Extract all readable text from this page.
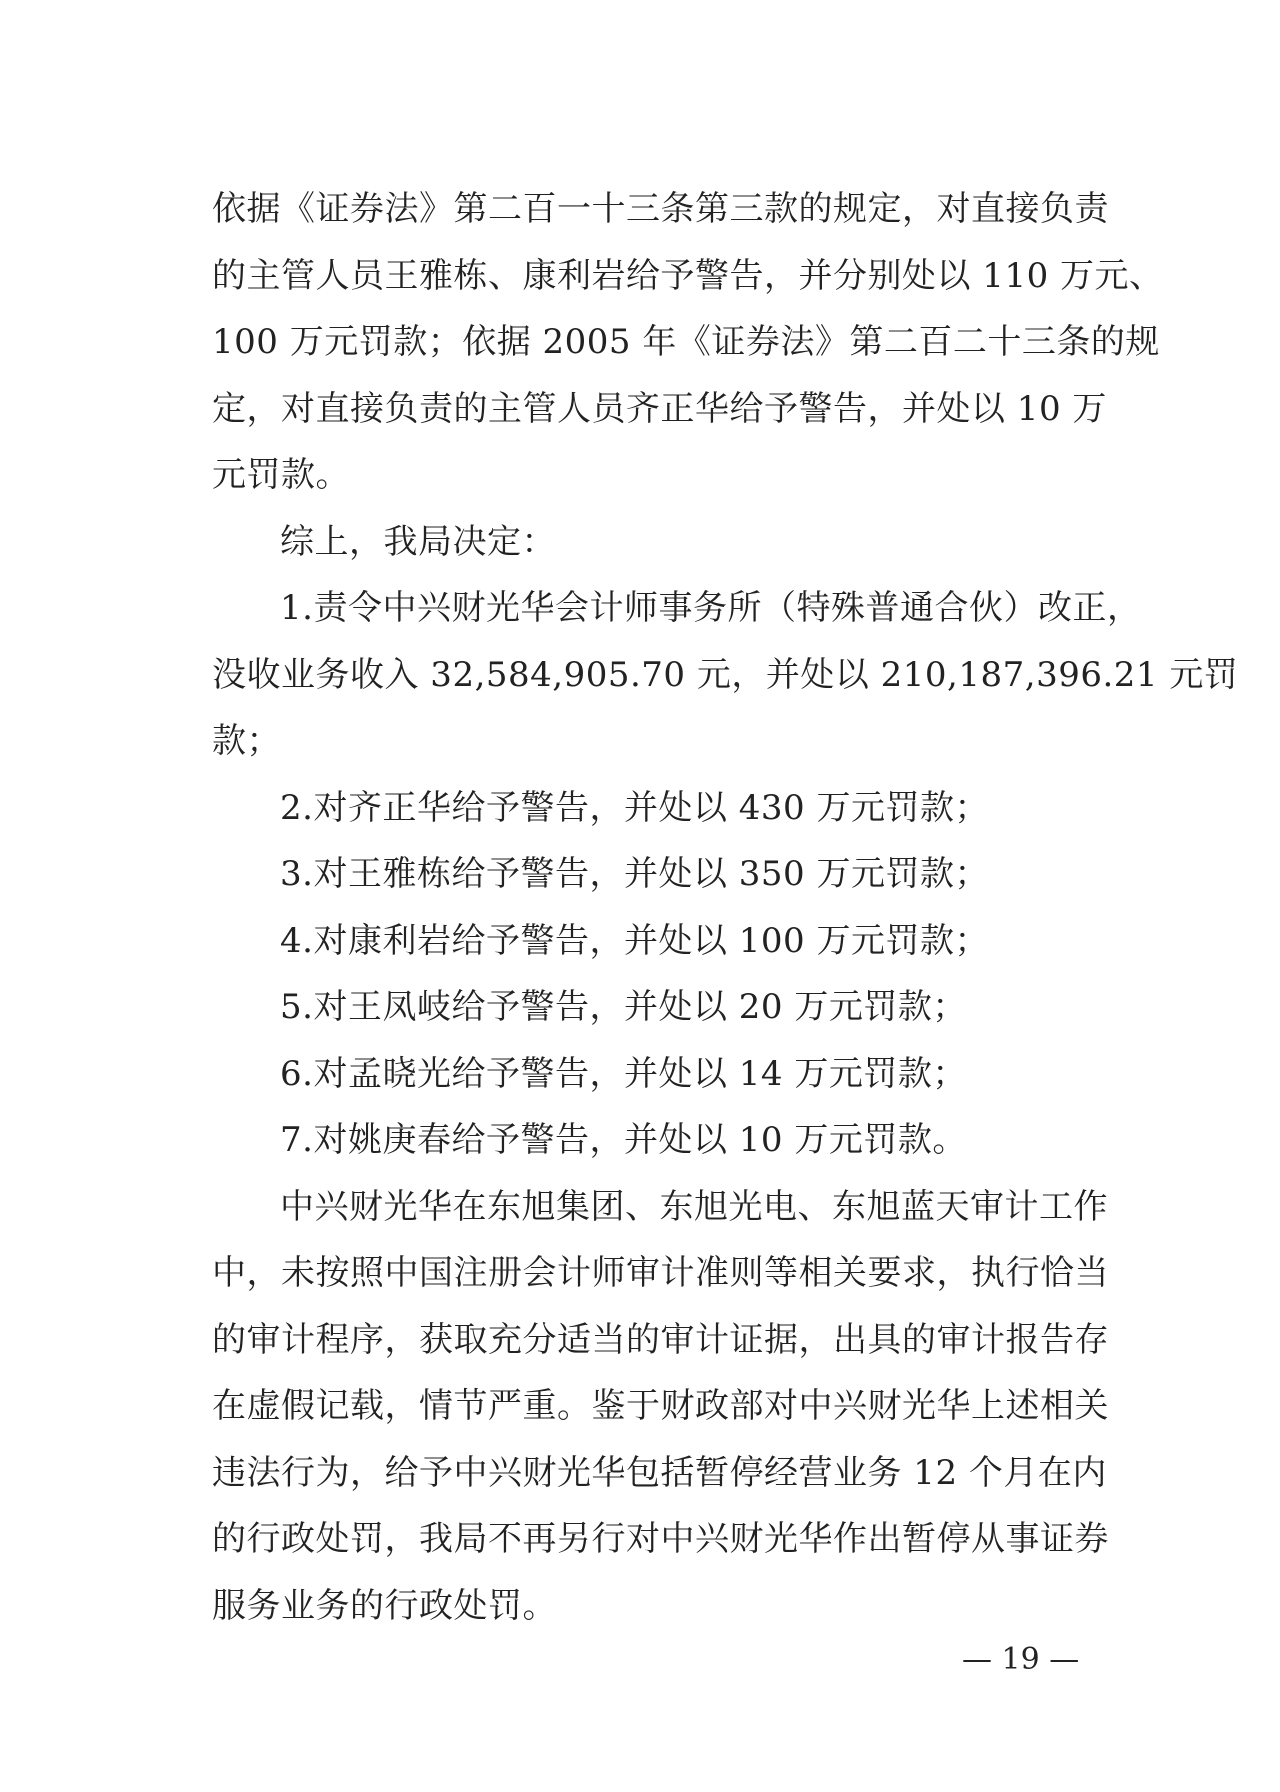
依据《证券法》第二百一十三条第三款的规定，对直接负责
的主管人员王雅栋、康利岩给予警告，并分别处以 110 万元、
100 万元罚款；依据 2005 年《证券法》第二百二十三条的规
定，对直接负责的主管人员齐正华给予警告，并处以 10 万
元罚款。
综上，我局决定：
1.责令中兴财光华会计师事务所（特殊普通合伙）改正，
没收业务收入 32,584,905.70 元，并处以 210,187,396.21 元罚
款；
2.对齐正华给予警告，并处以 430 万元罚款；
3.对王雅栋给予警告，并处以 350 万元罚款；
4.对康利岩给予警告，并处以 100 万元罚款；
5.对王凤岐给予警告，并处以 20 万元罚款；
6.对孟晓光给予警告，并处以 14 万元罚款；
7.对姚庚春给予警告，并处以 10 万元罚款。
中兴财光华在东旭集团、东旭光电、东旭蓝天审计工作
中，未按照中国注册会计师审计准则等相关要求，执行恰当
的审计程序，获取充分适当的审计证据，出具的审计报告存
在虚假记载，情节严重。鉴于财政部对中兴财光华上述相关
违法行为，给予中兴财光华包括暂停经营业务 12 个月在内
的行政处罚，我局不再另行对中兴财光华作出暂停从事证券
服务业务的行政处罚。
— 19 —
